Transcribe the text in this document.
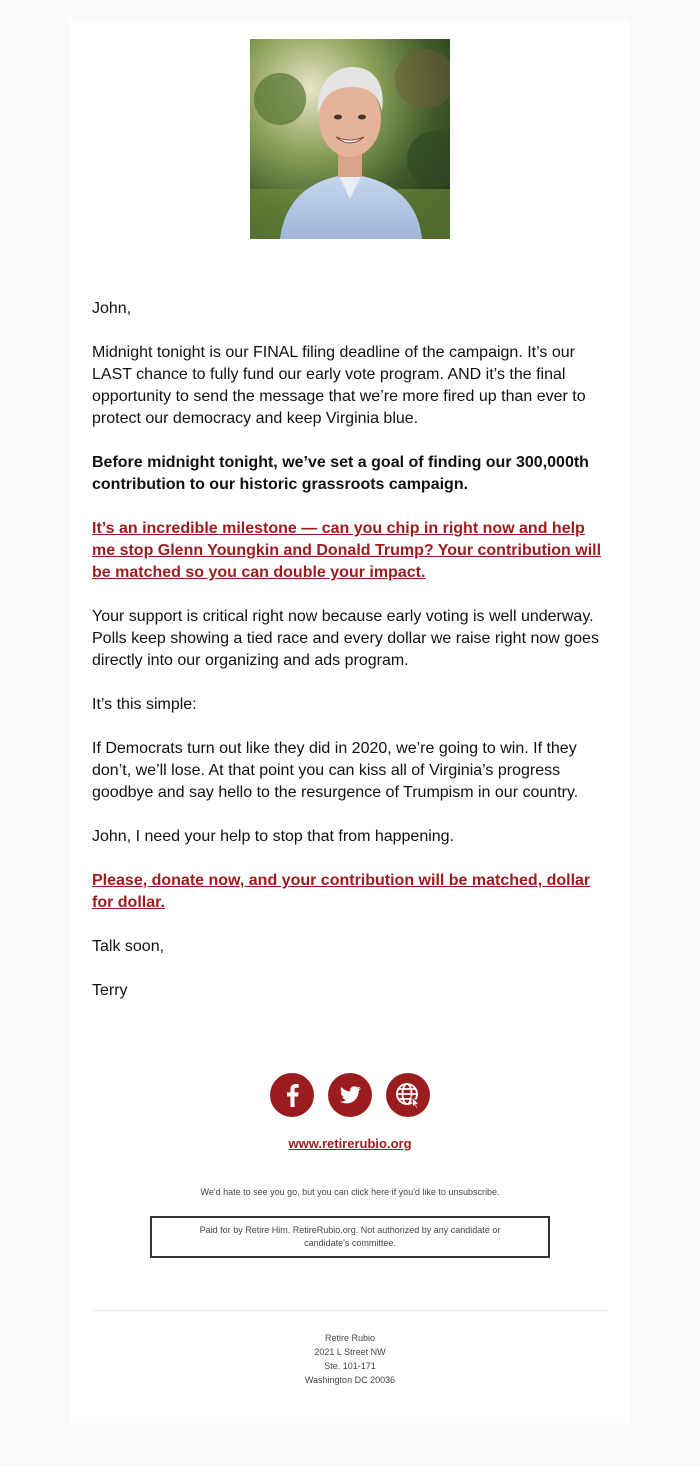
John,

Midnight tonight is our FINAL filing deadline of the campaign. It’s our LAST chance to fully fund our early vote program. AND it’s the final opportunity to send the message that we’re more fired up than ever to protect our democracy and keep Virginia blue.

Before midnight tonight, we’ve set a goal of finding our 300,000th contribution to our historic grassroots campaign.

It’s an incredible milestone — can you chip in right now and help me stop Glenn Youngkin and Donald Trump? Your contribution will be matched so you can double your impact.

Your support is critical right now because early voting is well underway. Polls keep showing a tied race and every dollar we raise right now goes directly into our organizing and ads program.

It’s this simple:

If Democrats turn out like they did in 2020, we’re going to win. If they don’t, we’ll lose. At that point you can kiss all of Virginia’s progress goodbye and say hello to the resurgence of Trumpism in our country.

John, I need your help to stop that from happening.

Please, donate now, and your contribution will be matched, dollar for dollar.

Talk soon,

Terry

www.retirerubio.org
We'd hate to see you go, but you can click here if you'd like to unsubscribe.
Paid for by Retire Him. RetireRubio.org. Not authorized by any candidate or candidate's committee.
Retire Rubio
2021 L Street NW
Ste. 101-171
Washington DC 20036
